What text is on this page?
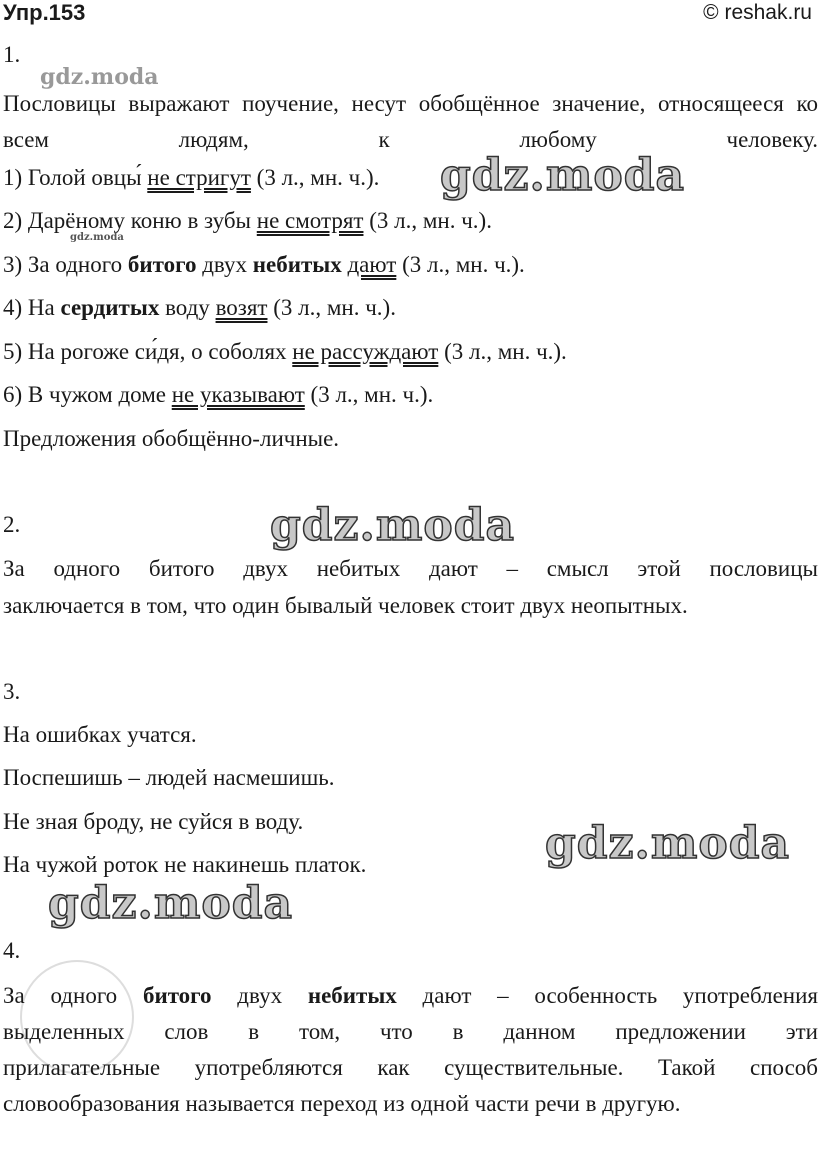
Упр.153	© reshak.ru
1.
gdz.moda
Пословицы выражают поучение, несут обобщённое значение, относящееся ко всем людям, к любому человеку.
1) Голой овцы́ не стригут (3 л., мн. ч.).
2) Дарёному коню в зубы не смотрят (3 л., мн. ч.).
gdz.moda
3) За одного битого двух небитых дают (3 л., мн. ч.).
4) На сердитых воду возят (3 л., мн. ч.).
5) На рогоже си́дя, о соболях не рассуждают (3 л., мн. ч.).
6) В чужом доме не указывают (3 л., мн. ч.).
Предложения обобщённо-личные.
gdz.moda
2.	gdz.moda
За одного битого двух небитых дают – смысл этой пословицы
заключается в том, что один бывалый человек стоит двух неопытных.
3.
На ошибках учатся.
Поспешишь – людей насмешишь.
Не зная броду, не суйся в воду.
На чужой роток не накинешь платок.	gdz.moda
gdz.moda
4.
За одного битого двух небитых дают – особенность употребления
выделенных слов в том, что в данном предложении эти
прилагательные употребляются как существительные. Такой способ
словообразования называется переход из одной части речи в другую.
